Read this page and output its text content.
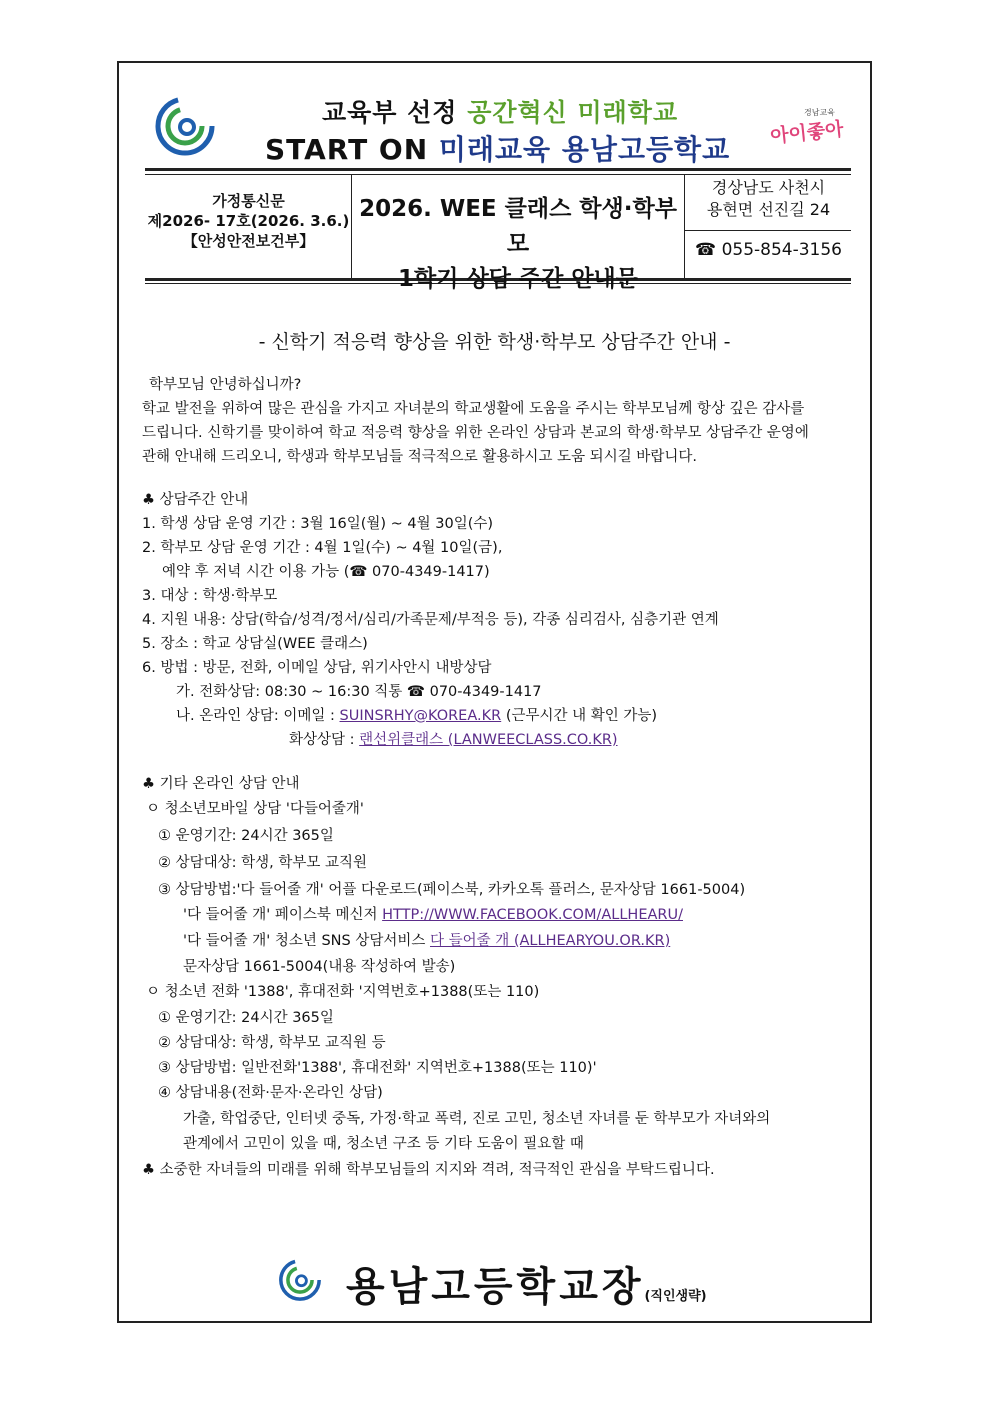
교육부 선정 공간혁신 미래학교
START ON 미래교육 용남고등학교
경남교육
아이좋아
가정통신문
제2026- 17호(2026. 3.6.)
【안성안전보건부】
2026. WEE 클래스 학생·학부모
1학기 상담 주간 안내문
경상남도 사천시
용현면 선진길 24
☎ 055-854-3156
- 신학기 적응력 향상을 위한 학생·학부모 상담주간 안내 -
학부모님 안녕하십니까?
학교 발전을 위하여 많은 관심을 가지고 자녀분의 학교생활에 도움을 주시는 학부모님께 항상 깊은 감사를
드립니다. 신학기를 맞이하여 학교 적응력 향상을 위한 온라인 상담과 본교의 학생·학부모 상담주간 운영에
관해 안내해 드리오니, 학생과 학부모님들 적극적으로 활용하시고 도움 되시길 바랍니다.
♣ 상담주간 안내
1. 학생 상담 운영 기간 : 3월 16일(월) ~ 4월 30일(수)
2. 학부모 상담 운영 기간 : 4월 1일(수) ~ 4월 10일(금),
예약 후 저녁 시간 이용 가능 (☎ 070-4349-1417)
3. 대상 : 학생·학부모
4. 지원 내용: 상담(학습/성격/정서/심리/가족문제/부적응 등), 각종 심리검사, 심층기관 연계
5. 장소 : 학교 상담실(WEE 클래스)
6. 방법 : 방문, 전화, 이메일 상담, 위기사안시 내방상담
가. 전화상담: 08:30 ~ 16:30 직통 ☎ 070-4349-1417
나. 온라인 상담: 이메일 : SUINSRHY@KOREA.KR (근무시간 내 확인 가능)
화상상담 : 랜선위클래스 (LANWEECLASS.CO.KR)
♣ 기타 온라인 상담 안내
ㅇ 청소년모바일 상담 '다들어줄개'
① 운영기간: 24시간 365일
② 상담대상: 학생, 학부모 교직원
③ 상담방법:'다 들어줄 개' 어플 다운로드(페이스북, 카카오톡 플러스, 문자상담 1661-5004)
'다 들어줄 개' 페이스북 메신저 HTTP://WWW.FACEBOOK.COM/ALLHEARU/
'다 들어줄 개' 청소년 SNS 상담서비스 다 들어줄 개 (ALLHEARYOU.OR.KR)
문자상담 1661-5004(내용 작성하여 발송)
ㅇ 청소년 전화 '1388', 휴대전화 '지역번호+1388(또는 110)
① 운영기간: 24시간 365일
② 상담대상: 학생, 학부모 교직원 등
③ 상담방법: 일반전화'1388', 휴대전화' 지역번호+1388(또는 110)'
④ 상담내용(전화·문자·온라인 상담)
가출, 학업중단, 인터넷 중독, 가정·학교 폭력, 진로 고민, 청소년 자녀를 둔 학부모가 자녀와의
관계에서 고민이 있을 때, 청소년 구조 등 기타 도움이 필요할 때
♣ 소중한 자녀들의 미래를 위해 학부모님들의 지지와 격려, 적극적인 관심을 부탁드립니다.
용남고등학교장(직인생략)
